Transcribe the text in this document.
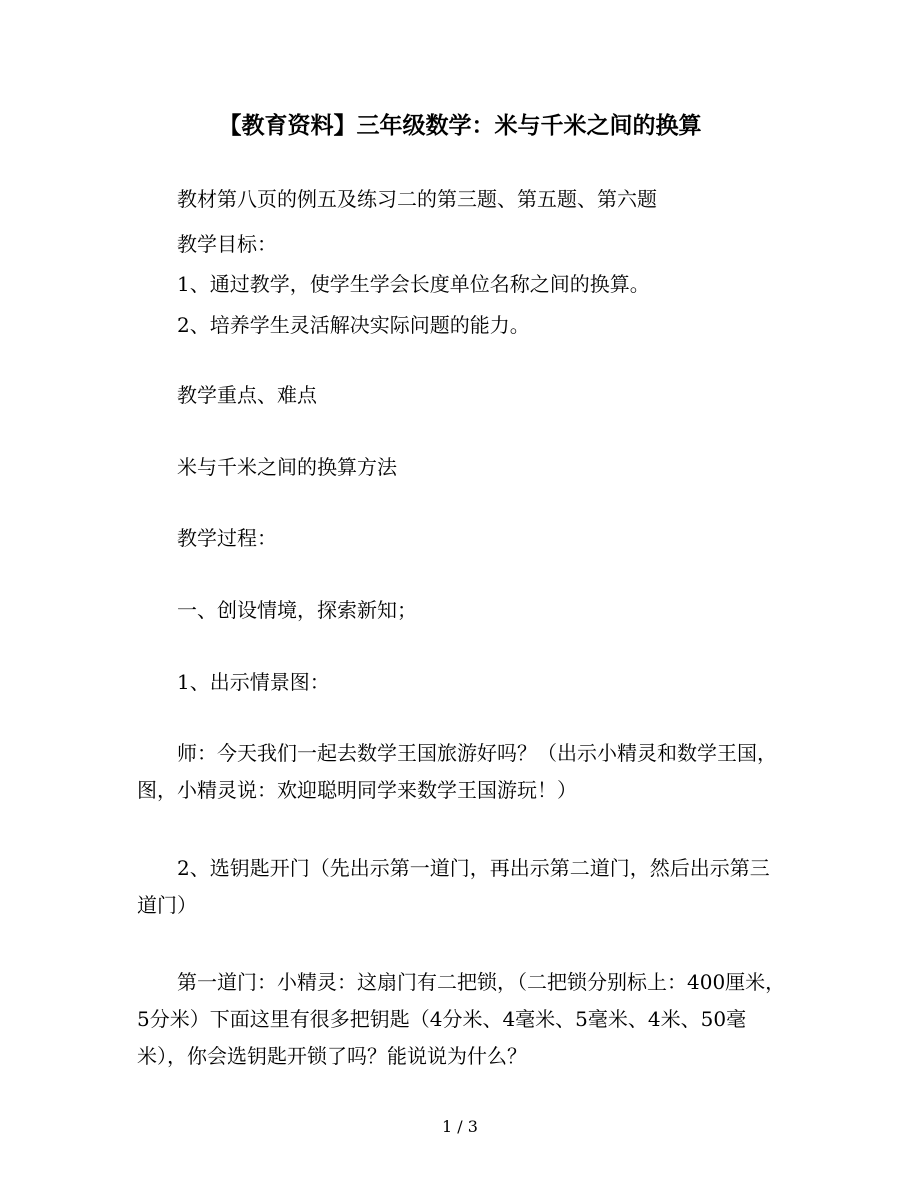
【教育资料】三年级数学：米与千米之间的换算
教材第八页的例五及练习二的第三题、第五题、第六题
教学目标：
1、通过教学，使学生学会长度单位名称之间的换算。
2、培养学生灵活解决实际问题的能力。
教学重点、难点
米与千米之间的换算方法
教学过程：
一、创设情境，探索新知；
1、出示情景图：
师：今天我们一起去数学王国旅游好吗？（出示小精灵和数学王国，图，小精灵说：欢迎聪明同学来数学王国游玩！）
2、选钥匙开门（先出示第一道门，再出示第二道门，然后出示第三道门）
第一道门：小精灵：这扇门有二把锁，（二把锁分别标上：400厘米，5分米）下面这里有很多把钥匙（4分米、4毫米、5毫米、4米、50毫米），你会选钥匙开锁了吗？能说说为什么？
1 / 3
